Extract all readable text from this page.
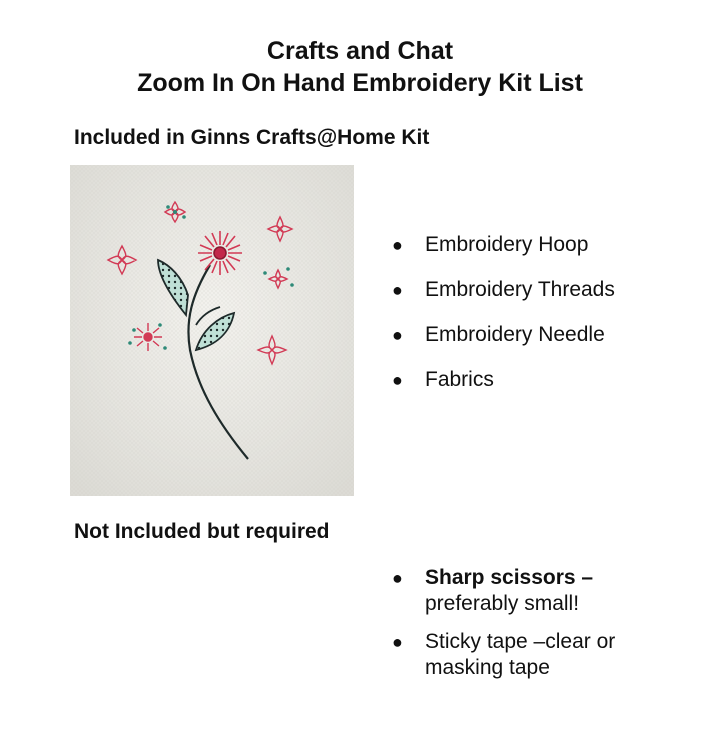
Crafts and Chat
Zoom In On Hand Embroidery Kit List
Included in Ginns Crafts@Home Kit
● Embroidery Hoop
● Embroidery Threads
● Embroidery Needle
● Fabrics
Not Included but required
● Sharp scissors –
preferably small!
● Sticky tape –clear or
masking tape
